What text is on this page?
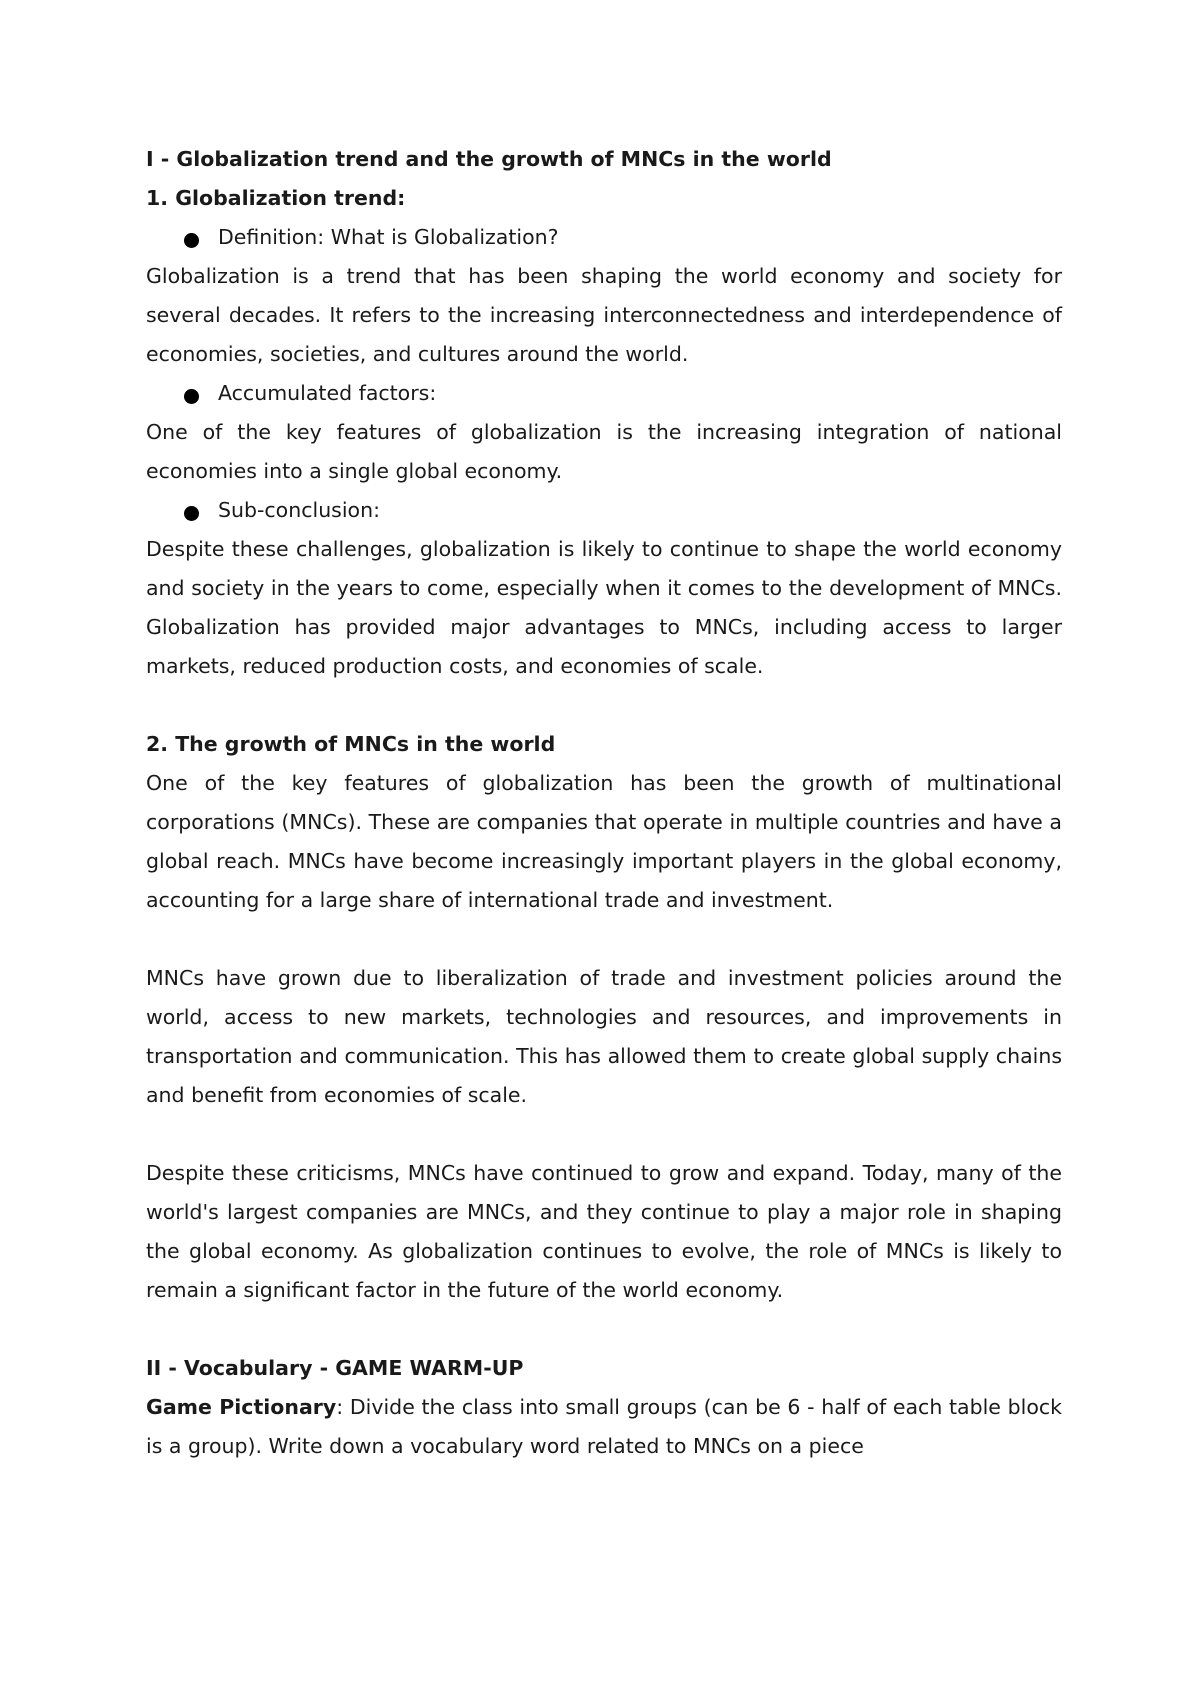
I - Globalization trend and the growth of MNCs in the world

1. Globalization trend:

Definition: What is Globalization?

Globalization is a trend that has been shaping the world economy and society for several decades. It refers to the increasing interconnectedness and interdependence of economies, societies, and cultures around the world.

Accumulated factors:

One of the key features of globalization is the increasing integration of national economies into a single global economy.

Sub-conclusion:

Despite these challenges, globalization is likely to continue to shape the world economy and society in the years to come, especially when it comes to the development of MNCs. Globalization has provided major advantages to MNCs, including access to larger markets, reduced production costs, and economies of scale.

2. The growth of MNCs in the world

One of the key features of globalization has been the growth of multinational corporations (MNCs). These are companies that operate in multiple countries and have a global reach. MNCs have become increasingly important players in the global economy, accounting for a large share of international trade and investment.

MNCs have grown due to liberalization of trade and investment policies around the world, access to new markets, technologies and resources, and improvements in transportation and communication. This has allowed them to create global supply chains and benefit from economies of scale.

Despite these criticisms, MNCs have continued to grow and expand. Today, many of the world's largest companies are MNCs, and they continue to play a major role in shaping the global economy. As globalization continues to evolve, the role of MNCs is likely to remain a significant factor in the future of the world economy.

II - Vocabulary - GAME WARM-UP

Game Pictionary: Divide the class into small groups (can be 6 - half of each table block is a group). Write down a vocabulary word related to MNCs on a piece
